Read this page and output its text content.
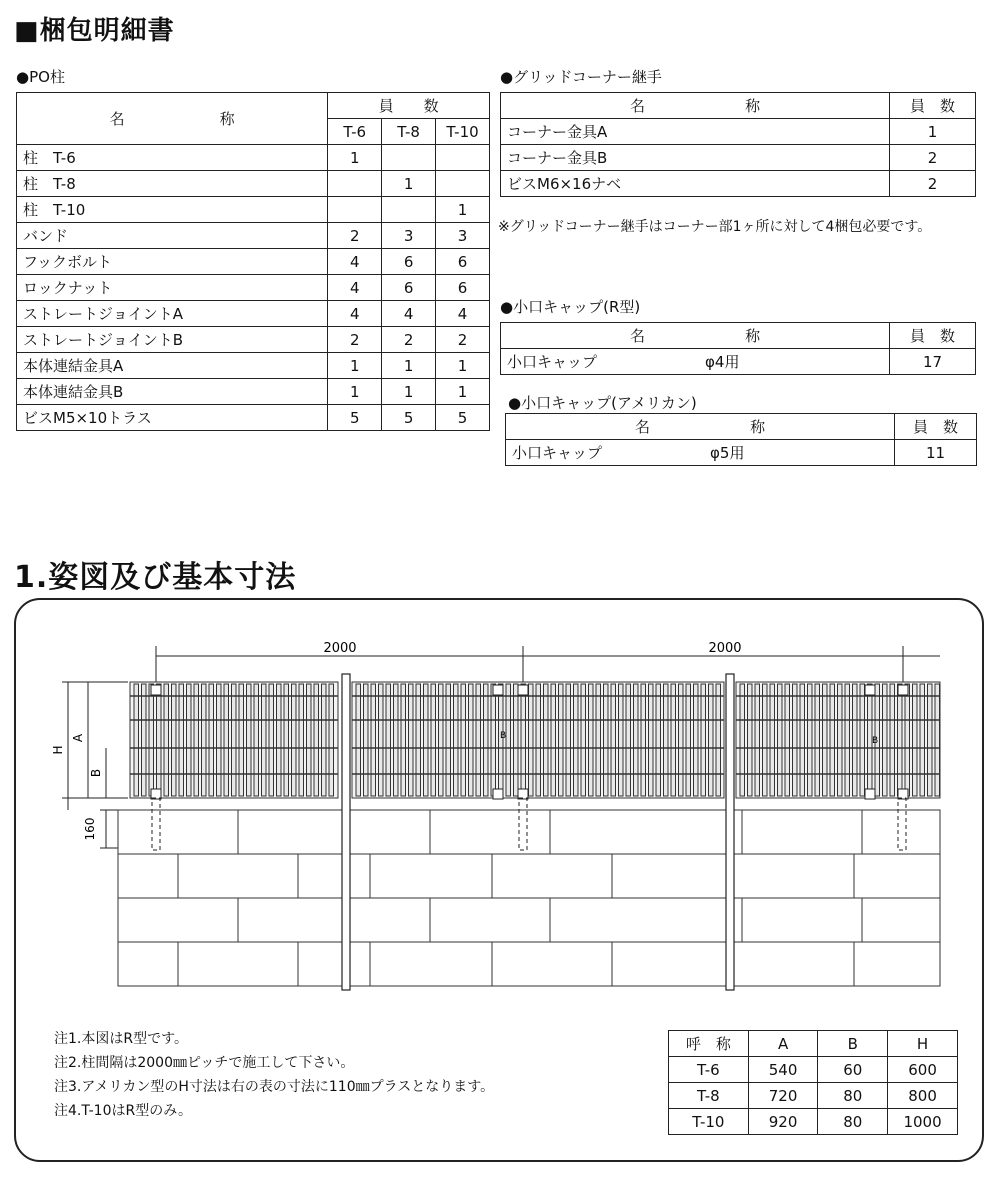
■梱包明細書
●PO柱
名 称	員　　数		
	T-6	T-8	T-10
柱　T-6	1		
柱　T-8		1	
柱　T-10			1
バンド	2	3	3
フックボルト	4	6	6
ロックナット	4	6	6
ストレートジョイントA	4	4	4
ストレートジョイントB	2	2	2
本体連結金具A	1	1	1
本体連結金具B	1	1	1
ビスM5×10トラス	5	5	5
●グリッドコーナー継手
名 称	員　数
コーナー金具A	1
コーナー金具B	2
ビスM6×16ナベ	2
※グリッドコーナー継手はコーナー部1ヶ所に対して4梱包必要です。
●小口キャップ(R型)
名 称	員　数
小口キャップ φ4用	17
●小口キャップ(アメリカン)
名 称	員　数
小口キャップ φ5用	11
1.姿図及び基本寸法
2000	2000
H
A
B
160
B	B
注1.本図はR型です。
注2.柱間隔は2000㎜ピッチで施工して下さい。
注3.アメリカン型のH寸法は右の表の寸法に110㎜プラスとなります。
注4.T-10はR型のみ。
呼　称	A	B	H
T-6	540	60	600
T-8	720	80	800
T-10	920	80	1000
